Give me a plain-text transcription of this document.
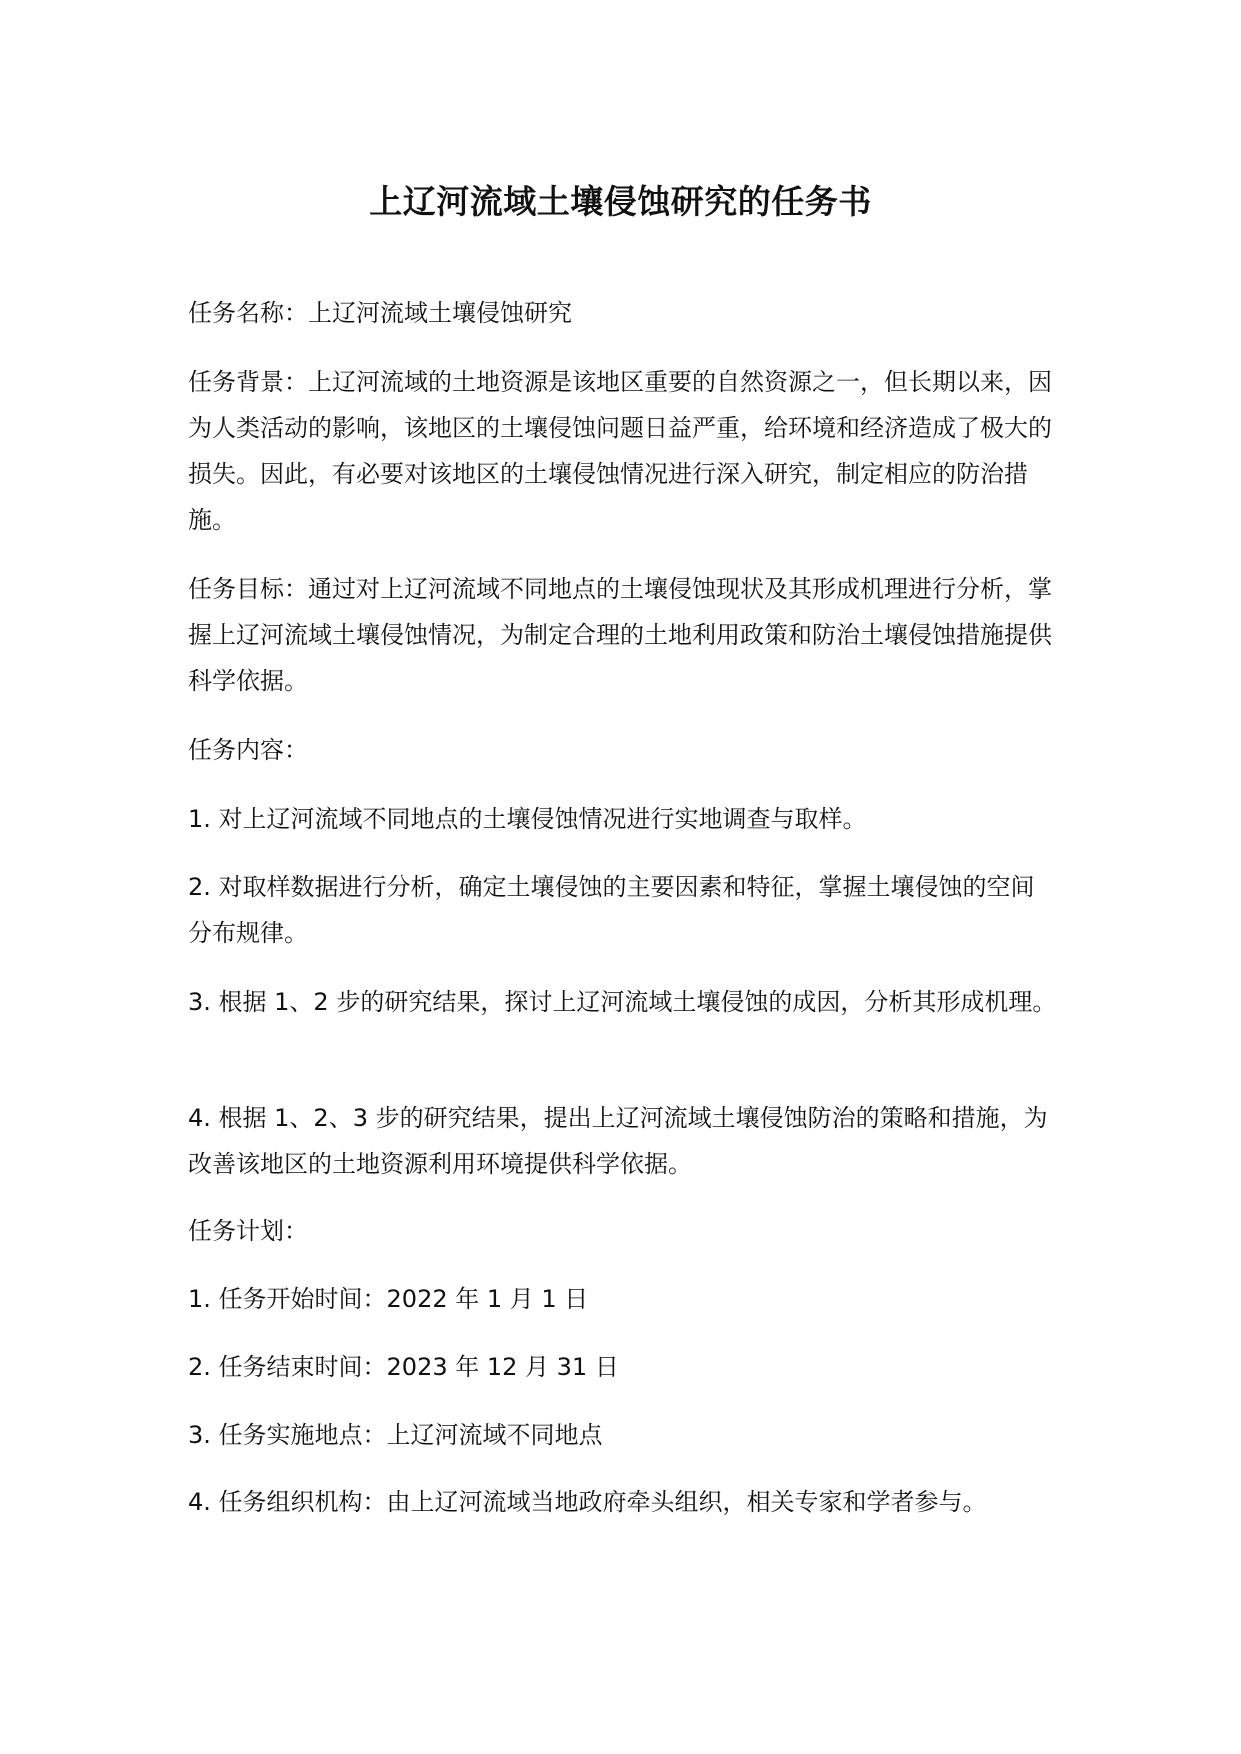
上辽河流域土壤侵蚀研究的任务书

任务名称：上辽河流域土壤侵蚀研究

任务背景：上辽河流域的土地资源是该地区重要的自然资源之一，但长期以来，因为人类活动的影响，该地区的土壤侵蚀问题日益严重，给环境和经济造成了极大的损失。因此，有必要对该地区的土壤侵蚀情况进行深入研究，制定相应的防治措施。

任务目标：通过对上辽河流域不同地点的土壤侵蚀现状及其形成机理进行分析，掌握上辽河流域土壤侵蚀情况，为制定合理的土地利用政策和防治土壤侵蚀措施提供科学依据。

任务内容：

1. 对上辽河流域不同地点的土壤侵蚀情况进行实地调查与取样。

2. 对取样数据进行分析，确定土壤侵蚀的主要因素和特征，掌握土壤侵蚀的空间分布规律。

3. 根据 1、2 步的研究结果，探讨上辽河流域土壤侵蚀的成因，分析其形成机理。

4. 根据 1、2、3 步的研究结果，提出上辽河流域土壤侵蚀防治的策略和措施，为改善该地区的土地资源利用环境提供科学依据。

任务计划：

1. 任务开始时间：2022 年 1 月 1 日

2. 任务结束时间：2023 年 12 月 31 日

3. 任务实施地点：上辽河流域不同地点

4. 任务组织机构：由上辽河流域当地政府牵头组织，相关专家和学者参与。
